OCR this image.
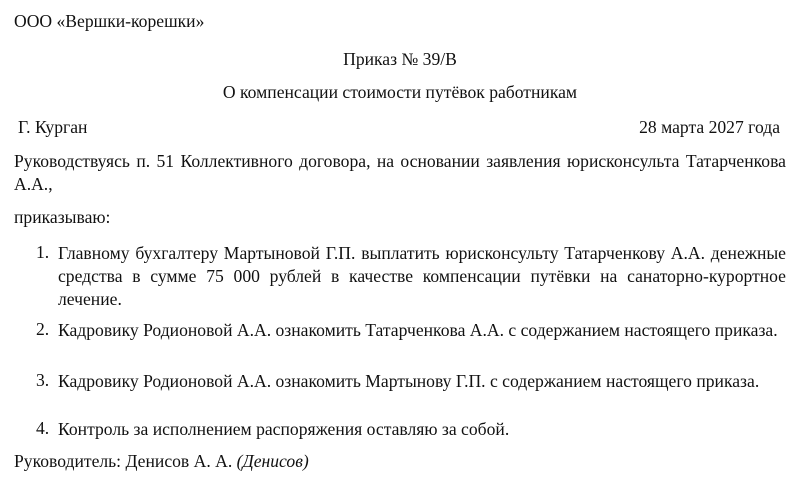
ООО «Вершки-корешки»
Приказ № 39/В
О компенсации стоимости путёвок работникам
Г. Курган	28 марта 2027 года
Руководствуясь п. 51 Коллективного договора, на основании заявления юрисконсульта Татарченкова А.А.,
приказываю:
1. Главному бухгалтеру Мартыновой Г.П. выплатить юрисконсульту Татарченкову А.А. денежные средства в сумме 75 000 рублей в качестве компенсации путёвки на санаторно-курортное лечение.
2. Кадровику Родионовой А.А. ознакомить Татарченкова А.А. с содержанием настоящего приказа.
3. Кадровику Родионовой А.А. ознакомить Мартынову Г.П. с содержанием настоящего приказа.
4. Контроль за исполнением распоряжения оставляю за собой.
Руководитель: Денисов А. А. (Денисов)
